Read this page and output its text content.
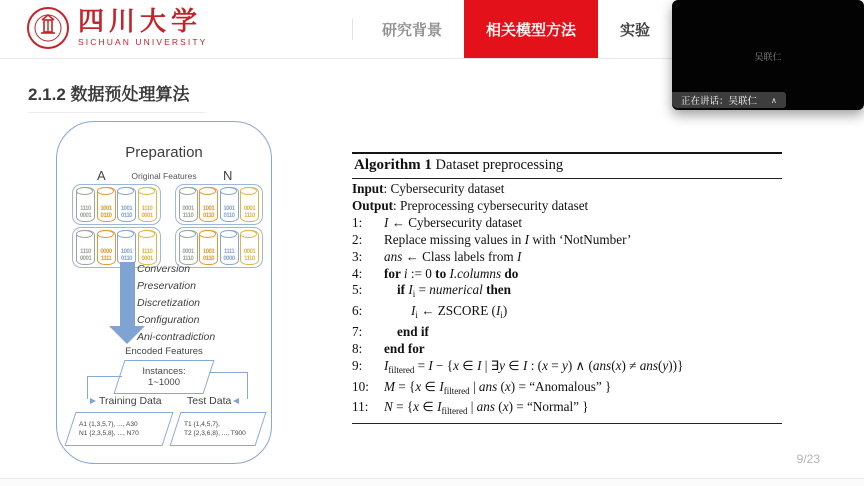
四川大学
SICHUAN UNIVERSITY
研究背景	相关模型方法	实验
2.1.2 数据预处理算法
Preparation
A	Original Features	N
1110
0001
1001
0110
1001
0110
1110
0001
0001
1110
1001
0110
1001
0110
0001
1110
1110
0001
0000
1111
1001
0110
1110
0001
0001
1110
1001
0110
1111
0000
0001
1110
Conversion
Preservation
Discretization
Configuration
Ani-contradiction
Encoded Features
Instances:
1~1000
Training Data Test Data
A1 {1,3,5,7}, ..., A30
N1 {2,3,5,8}, ..., N70
T1 {1,4,5,7},
T2 {2,3,6,8}, ..., T900
Algorithm 1 Dataset preprocessing
Input : Cybersecurity dataset
Output : Preprocessing cybersecurity dataset
1:	I ← Cybersecurity dataset
2:	Replace missing values in I with ‘NotNumber’
3:	ans ← Class labels from I
4:	for i := 0 to I.columns do
5:	if $I_i$ = numerical then
6:	$I_i$ ← ZSCORE $(I_i)$
7:	end if
8:	end for
9:	$I_{filtered} = I - \{x$ ∈ I | ∃y ∈ I : (x = y) ∧ (ans(x) ≠ ans(y))}
10:	M = {x ∈ $I_{filtered}$ | ans (x) = “Anomalous” }
11:	N = {x ∈ $I_{filtered}$ | ans (x) = “Normal” }
9/23
吴联仁
正在讲话：吴联仁 ∧
